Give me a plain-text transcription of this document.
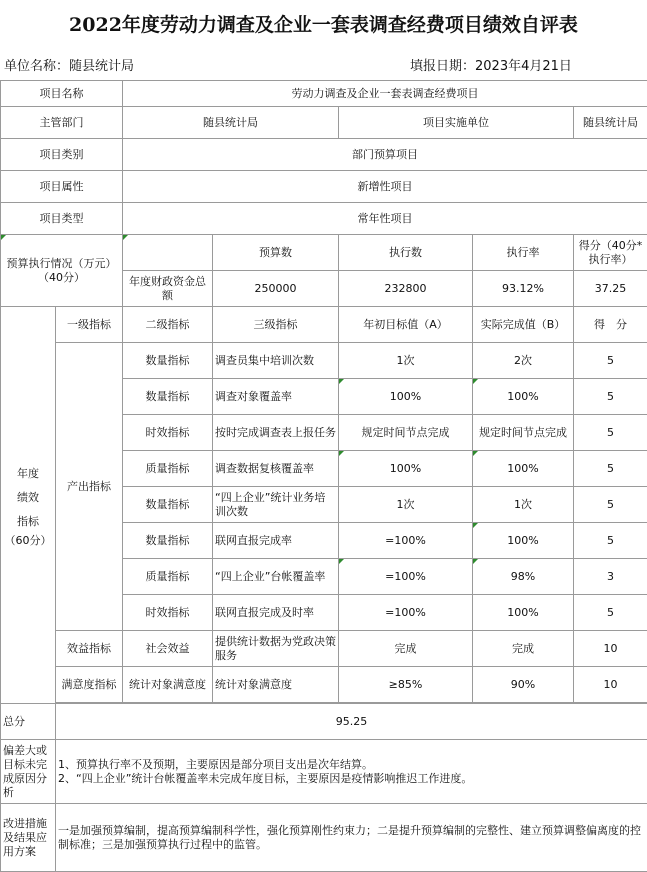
2022年度劳动力调查及企业一套表调查经费项目绩效自评表
单位名称：随县统计局	填报日期：2023年4月21日
项目名称		劳动力调查及企业一套表调查经费项目				
主管部门		随县统计局		项目实施单位		随县统计局
项目类别		部门预算项目				
项目属性		新增性项目				
项目类型		常年性项目				
预算执行情况（万元）（40分）			预算数	执行数	执行率	得分（40分*执行率）
		年度财政资金总额	250000	232800	93.12%	37.25

年度
绩效
指标
（60分）	一级指标	二级指标	三级指标	年初目标值（A）	实际完成值（B）	得　分
	产出指标	数量指标	调查员集中培训次数	1次	2次	5
		数量指标	调查对象覆盖率	100%	100%	5
		时效指标	按时完成调查表上报任务	规定时间节点完成	规定时间节点完成	5
		质量指标	调查数据复核覆盖率	100%	100%	5
		数量指标	“四上企业”统计业务培训次数	1次	1次	5
		数量指标	联网直报完成率	=100%	100%	5
		质量指标	“四上企业”台帐覆盖率	=100%	98%	3
		时效指标	联网直报完成及时率	=100%	100%	5
	效益指标	社会效益	提供统计数据为党政决策服务	完成	完成	10
	满意度指标	统计对象满意度	统计对象满意度	≥85%	90%	10

总分	95.25					
偏差大或目标未完成原因分析	1、预算执行率不及预期，主要原因是部分项目支出是次年结算。
2、“四上企业”统计台帐覆盖率未完成年度目标，主要原因是疫情影响推迟工作进度。					

改进措施及结果应用方案	一是加强预算编制，提高预算编制科学性，强化预算刚性约束力；二是提升预算编制的完整性、建立预算调整偏离度的控制标准；三是加强预算执行过程中的监管。					
